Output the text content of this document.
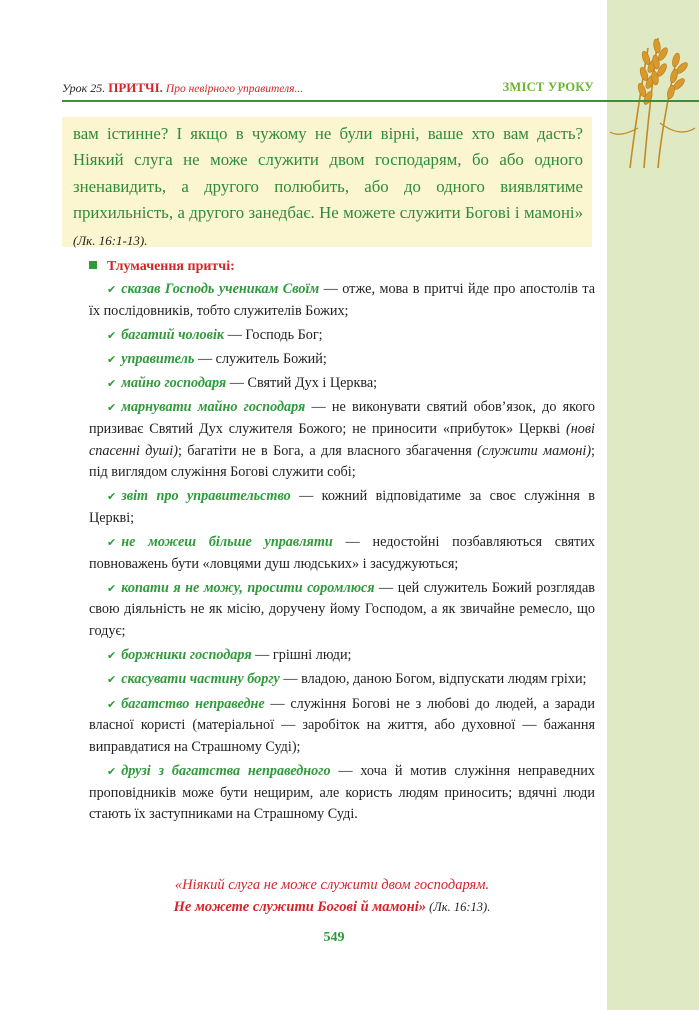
Урок 25. ПРИТЧІ. Про невірного управителя...	ЗМІСТ УРОКУ
вам істинне? І якщо в чужому не були вірні, ваше хто вам дасть? Ніякий слуга не може служити двом господарям, бо або одного зненавидить, а другого полюбить, або до одного виявлятиме прихильність, а другого занедбає. Не можете служити Богові і мамоні» (Лк. 16:1-13).
Тлумачення притчі:

✔ сказав Господь ученикам Своїм — отже, мова в притчі йде про апостолів та їх послідовників, тобто служителів Божих;

✔ багатий чоловік — Господь Бог;

✔ управитель — служитель Божий;

✔ майно господаря — Святий Дух і Церква;

✔ марнувати майно господаря — не виконувати святий обов’язок, до якого призиває Святий Дух служителя Божого; не приносити «прибуток» Церкві (нові спасенні душі); багатіти не в Бога, а для власного збагачення (служити мамоні); під виглядом служіння Богові служити собі;

✔ звіт про управительство — кожний відповідатиме за своє служіння в Церкві;

✔ не можеш більше управляти — недостойні позбавляються святих повноважень бути «ловцями душ людських» і засуджуються;

✔ копати я не можу, просити соромлюся — цей служитель Божий розглядав свою діяльність не як місію, доручену йому Господом, а як звичайне ремесло, що годує;

✔ боржники господаря — грішні люди;

✔ скасувати частину боргу — владою, даною Богом, відпускати людям гріхи;

✔ багатство неправедне — служіння Богові не з любові до людей, а заради власної користі (матеріальної — заробіток на життя, або духовної — бажання виправдатися на Страшному Суді);

✔ друзі з багатства неправедного — хоча й мотив служіння неправедних проповідників може бути нещирим, але користь людям приносить; вдячні люди стають їх заступниками на Страшному Суді.

«Ніякий слуга не може служити двом господарям.
Не можете служити Богові й мамоні» (Лк. 16:13).
549
